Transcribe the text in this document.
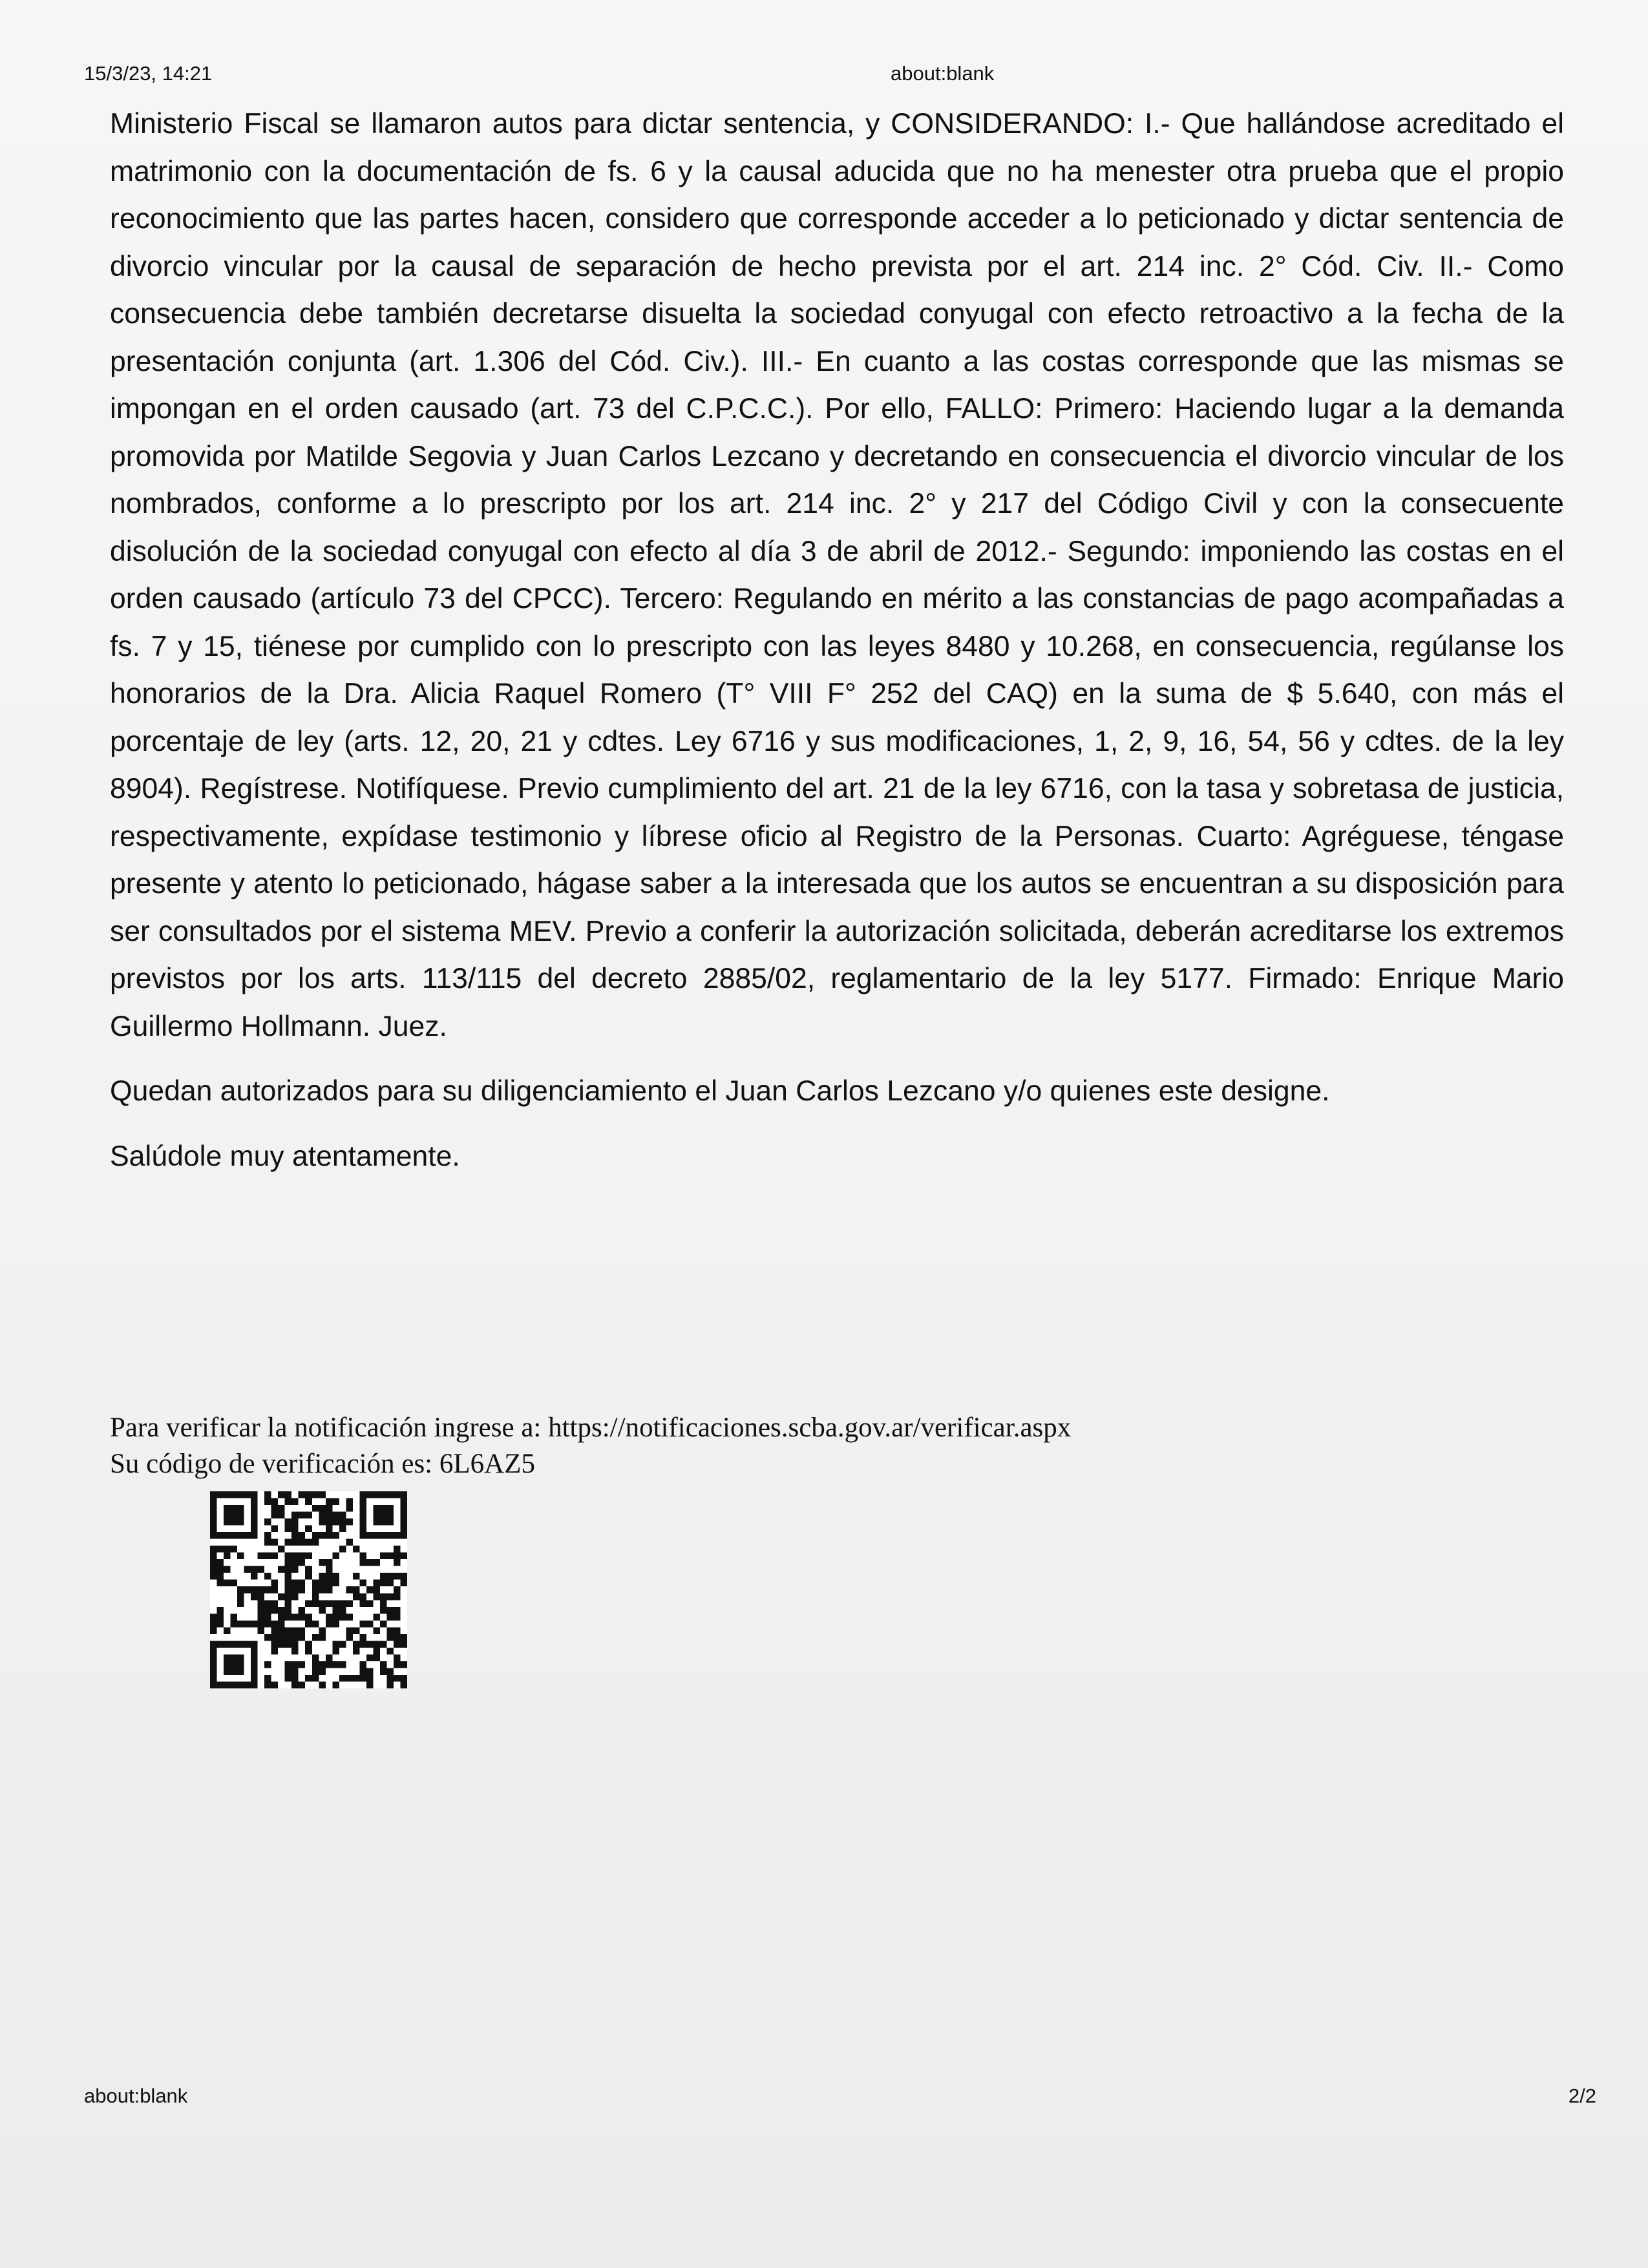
15/3/23, 14:21	about:blank

Ministerio Fiscal se llamaron autos para dictar sentencia, y CONSIDERANDO: I.- Que hallándose acreditado el matrimonio con la documentación de fs. 6 y la causal aducida que no ha menester otra prueba que el propio reconocimiento que las partes hacen, considero que corresponde acceder a lo peticionado y dictar sentencia de divorcio vincular por la causal de separación de hecho prevista por el art. 214 inc. 2° Cód. Civ. II.- Como consecuencia debe también decretarse disuelta la sociedad conyugal con efecto retroactivo a la fecha de la presentación conjunta (art. 1.306 del Cód. Civ.). III.- En cuanto a las costas corresponde que las mismas se impongan en el orden causado (art. 73 del C.P.C.C.). Por ello, FALLO: Primero: Haciendo lugar a la demanda promovida por Matilde Segovia y Juan Carlos Lezcano y decretando en consecuencia el divorcio vincular de los nombrados, conforme a lo prescripto por los art. 214 inc. 2° y 217 del Código Civil y con la consecuente disolución de la sociedad conyugal con efecto al día 3 de abril de 2012.- Segundo: imponiendo las costas en el orden causado (artículo 73 del CPCC). Tercero: Regulando en mérito a las constancias de pago acompañadas a fs. 7 y 15, tiénese por cumplido con lo prescripto con las leyes 8480 y 10.268, en consecuencia, regúlanse los honorarios de la Dra. Alicia Raquel Romero (T° VIII F° 252 del CAQ) en la suma de $ 5.640, con más el porcentaje de ley (arts. 12, 20, 21 y cdtes. Ley 6716 y sus modificaciones, 1, 2, 9, 16, 54, 56 y cdtes. de la ley 8904). Regístrese. Notifíquese. Previo cumplimiento del art. 21 de la ley 6716, con la tasa y sobretasa de justicia, respectivamente, expídase testimonio y líbrese oficio al Registro de la Personas. Cuarto: Agréguese, téngase presente y atento lo peticionado, hágase saber a la interesada que los autos se encuentran a su disposición para ser consultados por el sistema MEV. Previo a conferir la autorización solicitada, deberán acreditarse los extremos previstos por los arts. 113/115 del decreto 2885/02, reglamentario de la ley 5177. Firmado: Enrique Mario Guillermo Hollmann. Juez.

Quedan autorizados para su diligenciamiento el Juan Carlos Lezcano y/o quienes este designe.

Salúdole muy atentamente.

Para verificar la notificación ingrese a: https://notificaciones.scba.gov.ar/verificar.aspx
Su código de verificación es: 6L6AZ5
about:blank	2/2
